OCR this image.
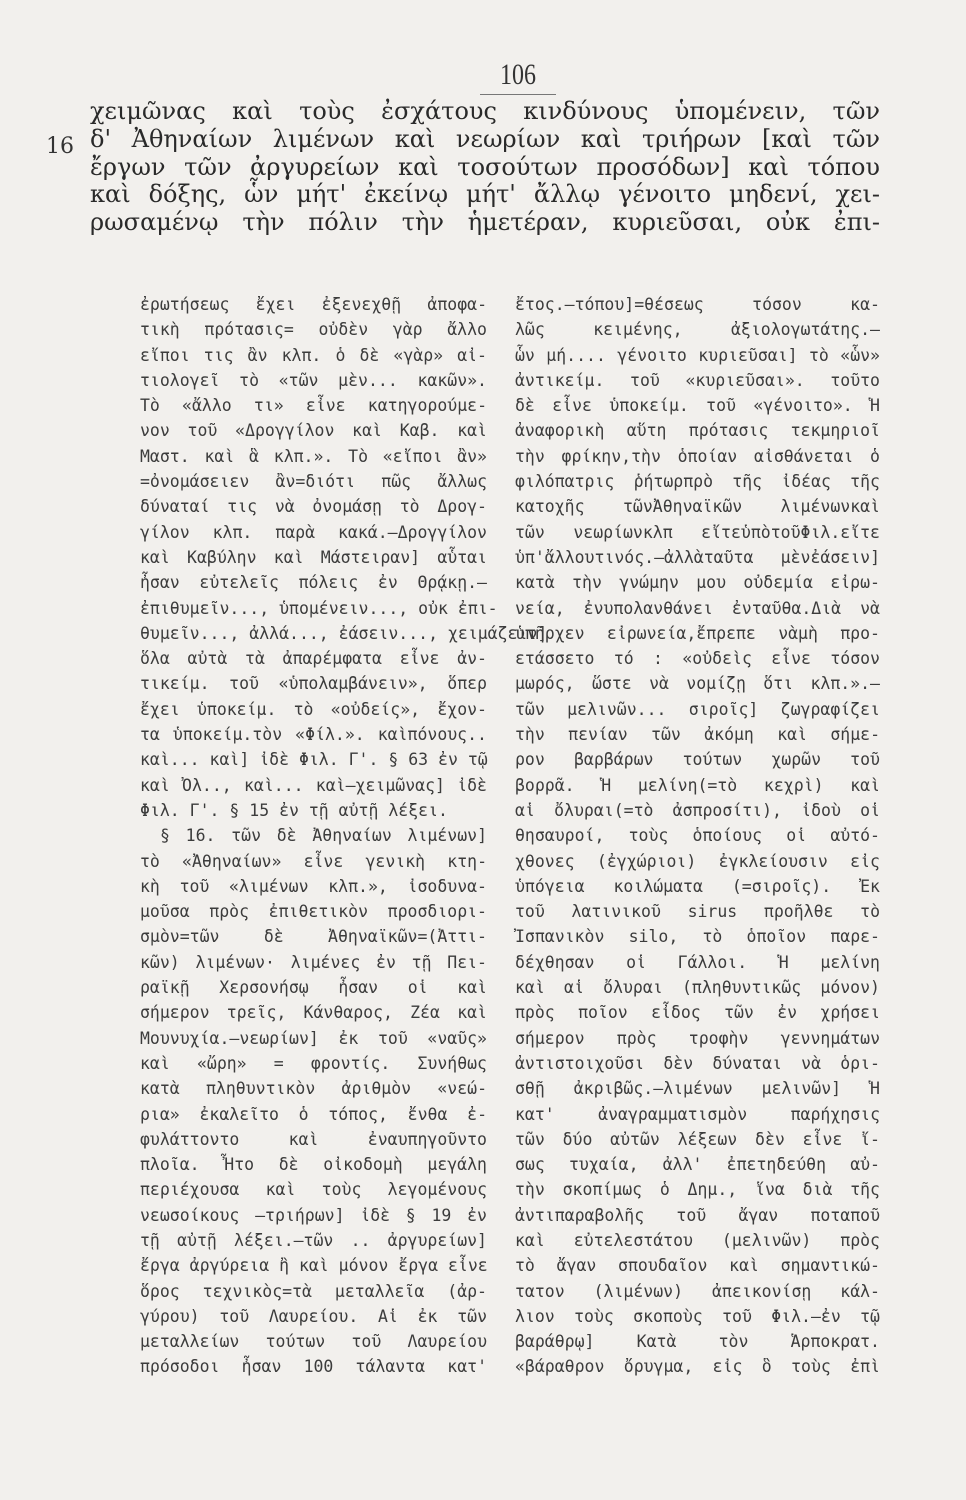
106
16
χειμῶνας καὶ τοὺς ἐσχάτους κινδύνους ὑπομένειν, τῶν
δ' Ἀθηναίων λιμένων καὶ νεωρίων καὶ τριήρων [καὶ τῶν
ἔργων τῶν ἀργυρείων καὶ τοσούτων προσόδων] καὶ τόπου
καὶ δόξης, ὧν μήτ' ἐκείνῳ μήτ' ἄλλῳ γένοιτο μηδενί, χει-
ρωσαμένῳ τὴν πόλιν τὴν ἡμετέραν, κυριεῦσαι, οὐκ ἐπι-
ἐρωτήσεως ἔχει ἐξενεχθῇ ἀποφα-
τικὴ πρότασις= οὐδὲν γὰρ ἄλλο
εἴποι τις ἂν κλπ. ὁ δὲ «γὰρ» αἰ-
τιολογεῖ τὸ «τῶν μὲν... κακῶν».
Τὸ «ἄλλο τι» εἶνε κατηγορούμε-
νον τοῦ «Δρογγίλον καὶ Καβ. καὶ
Μαστ. καὶ ἃ κλπ.». Τὸ «εἴποι ἂν»
=ὀνομάσειεν ἂν=διότι πῶς ἄλλως
δύναταί τις νὰ ὀνομάσῃ τὸ Δρογ-
γίλον κλπ. παρὰ κακά.—Δρογγίλον
καὶ Καβύλην καὶ Μάστειραν] αὗται
ἦσαν εὐτελεῖς πόλεις ἐν Θρᾴκῃ.—
ἐπιθυμεῖν..., ὑπομένειν..., οὐκ ἐπι-
θυμεῖν..., ἀλλά..., ἐάσειν..., χειμάζειν]
ὅλα αὐτὰ τὰ ἀπαρέμφατα εἶνε ἀν-
τικείμ. τοῦ «ὑπολαμβάνειν», ὅπερ
ἔχει ὑποκείμ. τὸ «οὐδείς», ἔχον-
τα ὑποκείμ.τὸν «Φίλ.». καὶπόνους..
καὶ... καὶ] ἰδὲ Φιλ. Γ'. § 63 ἐν τῷ
καὶ Ὀλ.., καὶ... καὶ—χειμῶνας] ἰδὲ
Φιλ. Γ'. § 15 ἐν τῇ αὐτῇ λέξει.
§ 16. τῶν δὲ Ἀθηναίων λιμένων]
τὸ «Ἀθηναίων» εἶνε γενικὴ κτη-
κὴ τοῦ «λιμένων κλπ.», ἰσοδυνα-
μοῦσα πρὸς ἐπιθετικὸν προσδιορι-
σμὸν=τῶν δὲ Ἀθηναϊκῶν=(Ἀττι-
κῶν) λιμένων· λιμένες ἐν τῇ Πει-
ραϊκῇ Χερσονήσῳ ἦσαν οἱ καὶ
σήμερον τρεῖς, Κάνθαρος, Ζέα καὶ
Μουνυχία.—νεωρίων] ἐκ τοῦ «ναῦς»
καὶ «ὤρη» = φροντίς. Συνήθως
κατὰ πληθυντικὸν ἀριθμὸν «νεώ-
ρια» ἐκαλεῖτο ὁ τόπος, ἔνθα ἐ-
φυλάττοντο καὶ ἐναυπηγοῦντο
πλοῖα. Ἦτο δὲ οἰκοδομὴ μεγάλη
περιέχουσα καὶ τοὺς λεγομένους
νεωσοίκους —τριήρων] ἰδὲ § 19 ἐν
τῇ αὐτῇ λέξει.—τῶν .. ἀργυρείων]
ἔργα ἀργύρεια ἢ καὶ μόνον ἔργα εἶνε
ὅρος τεχνικὸς=τὰ μεταλλεῖα (ἀρ-
γύρου) τοῦ Λαυρείου. Αἱ ἐκ τῶν
μεταλλείων τούτων τοῦ Λαυρείου
πρόσοδοι ἦσαν 100 τάλαντα κατ'
ἔτος.—τόπου]=θέσεως τόσον κα-
λῶς κειμένης, ἀξιολογωτάτης.—
ὧν μή.... γένοιτο κυριεῦσαι] τὸ «ὧν»
ἀντικείμ. τοῦ «κυριεῦσαι». τοῦτο
δὲ εἶνε ὑποκείμ. τοῦ «γένοιτο». Ἡ
ἀναφορικὴ αὕτη πρότασις τεκμηριοῖ
τὴν φρίκην,τὴν ὁποίαν αἰσθάνεται ὁ
φιλόπατρις ῥήτωρπρὸ τῆς ἰδέας τῆς
κατοχῆς τῶνἈθηναϊκῶν λιμένωνκαὶ
τῶν νεωρίωνκλπ εἴτεὑπὸτοῦΦιλ.εἴτε
ὑπ'ἄλλουτινός.—ἀλλὰταῦτα μὲνἐάσειν]
κατὰ τὴν γνώμην μου οὐδεμία εἰρω-
νεία, ἐνυπολανθάνει ἐνταῦθα.Διὰ νὰ
ὑπῆρχεν εἰρωνεία,ἔπρεπε νὰμὴ προ-
ετάσσετο τό : «οὐδεὶς εἶνε τόσον
μωρός, ὥστε νὰ νομίζῃ ὅτι κλπ.».—
τῶν μελινῶν... σιροῖς] ζωγραφίζει
τὴν πενίαν τῶν ἀκόμη καὶ σήμε-
ρον βαρβάρων τούτων χωρῶν τοῦ
βορρᾶ. Ἡ μελίνη(=τὸ κεχρὶ) καὶ
αἱ ὄλυραι(=τὸ ἀσπροσίτι), ἰδοὺ οἱ
θησαυροί, τοὺς ὁποίους οἱ αὐτό-
χθονες (ἐγχώριοι) ἐγκλείουσιν εἰς
ὑπόγεια κοιλώματα (=σιροῖς). Ἐκ
τοῦ λατινικοῦ sirus προῆλθε τὸ
Ἰσπανικὸν silo, τὸ ὁποῖον παρε-
δέχθησαν οἱ Γάλλοι. Ἡ μελίνη
καὶ αἱ ὄλυραι (πληθυντικῶς μόνον)
πρὸς ποῖον εἶδος τῶν ἐν χρήσει
σήμερον πρὸς τροφὴν γεννημάτων
ἀντιστοιχοῦσι δὲν δύναται νὰ ὁρι-
σθῇ ἀκριβῶς.—λιμένων μελινῶν] Ἡ
κατ' ἀναγραμματισμὸν παρήχησις
τῶν δύο αὐτῶν λέξεων δὲν εἶνε ἴ-
σως τυχαία, ἀλλ' ἐπετηδεύθη αὐ-
τὴν σκοπίμως ὁ Δημ., ἵνα διὰ τῆς
ἀντιπαραβολῆς τοῦ ἄγαν ποταποῦ
καὶ εὐτελεστάτου (μελινῶν) πρὸς
τὸ ἄγαν σπουδαῖον καὶ σημαντικώ-
τατον (λιμένων) ἀπεικονίσῃ κάλ-
λιον τοὺς σκοποὺς τοῦ Φιλ.—ἐν τῷ
βαράθρῳ] Κατὰ τὸν Ἁρποκρατ.
«βάραθρον ὄρυγμα, εἰς ὃ τοὺς ἐπὶ
